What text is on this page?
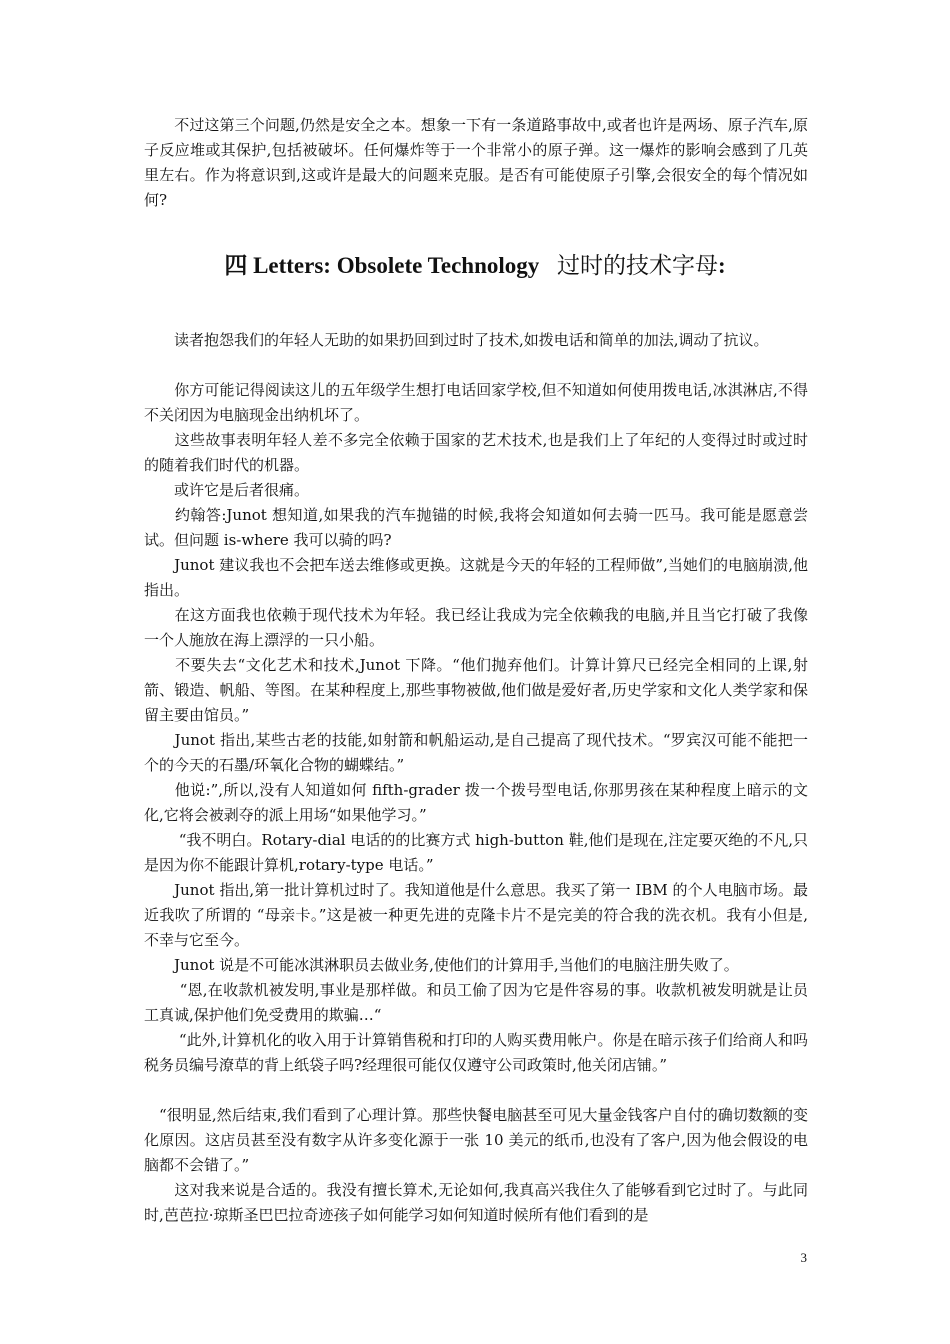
　　不过这第三个问题,仍然是安全之本。想象一下有一条道路事故中,或者也许是两场、原子汽车,原子反应堆或其保护,包括被破坏。任何爆炸等于一个非常小的原子弹。这一爆炸的影响会感到了几英里左右。作为将意识到,这或许是最大的问题来克服。是否有可能使原子引擎,会很安全的每个情况如何?

四 Letters: Obsolete Technology 过时的技术字母:

　　读者抱怨我们的年轻人无助的如果扔回到过时了技术,如拨电话和简单的加法,调动了抗议。

　　你方可能记得阅读这儿的五年级学生想打电话回家学校,但不知道如何使用拨电话,冰淇淋店,不得不关闭因为电脑现金出纳机坏了。

　　这些故事表明年轻人差不多完全依赖于国家的艺术技术,也是我们上了年纪的人变得过时或过时的随着我们时代的机器。

　　或许它是后者很痛。

　　约翰答:Junot 想知道,如果我的汽车抛锚的时候,我将会知道如何去骑一匹马。我可能是愿意尝试。但问题 is-where 我可以骑的吗?

　　Junot 建议我也不会把车送去维修或更换。这就是今天的年轻的工程师做”,当她们的电脑崩溃,他指出。

　　在这方面我也依赖于现代技术为年轻。我已经让我成为完全依赖我的电脑,并且当它打破了我像一个人施放在海上漂浮的一只小船。

　　不要失去“文化艺术和技术,Junot 下降。“他们抛弃他们。计算计算尺已经完全相同的上课,射箭、锻造、帆船、等图。在某种程度上,那些事物被做,他们做是爱好者,历史学家和文化人类学家和保留主要由馆员。”

　　Junot 指出,某些古老的技能,如射箭和帆船运动,是自己提高了现代技术。“罗宾汉可能不能把一个的今天的石墨/环氧化合物的蝴蝶结。”

　　他说:”,所以,没有人知道如何 fifth-grader 拨一个拨号型电话,你那男孩在某种程度上暗示的文化,它将会被剥夺的派上用场“如果他学习。”

　　 “我不明白。Rotary-dial 电话的的比赛方式 high-button 鞋,他们是现在,注定要灭绝的不凡,只是因为你不能跟计算机,rotary-type 电话。”

　　Junot 指出,第一批计算机过时了。我知道他是什么意思。我买了第一 IBM 的个人电脑市场。最近我吹了所谓的 “母亲卡。”这是被一种更先进的克隆卡片不是完美的符合我的洗衣机。我有小但是, 不幸与它至今。

　　Junot 说是不可能冰淇淋职员去做业务,使他们的计算用手,当他们的电脑注册失败了。

　　 “恩,在收款机被发明,事业是那样做。和员工偷了因为它是件容易的事。收款机被发明就是让员工真诚,保护他们免受费用的欺骗…“

　　 “此外,计算机化的收入用于计算销售税和打印的人购买费用帐户。你是在暗示孩子们给商人和吗税务员编号潦草的背上纸袋子吗?经理很可能仅仅遵守公司政策时,他关闭店铺。”

　“很明显,然后结束,我们看到了心理计算。那些快餐电脑甚至可见大量金钱客户自付的确切数额的变化原因。这店员甚至没有数字从许多变化源于一张 10 美元的纸币,也没有了客户,因为他会假设的电脑都不会错了。”

　　这对我来说是合适的。我没有擅长算术,无论如何,我真高兴我住久了能够看到它过时了。与此同时,芭芭拉·琼斯圣巴巴拉奇迹孩子如何能学习如何知道时候所有他们看到的是

3
